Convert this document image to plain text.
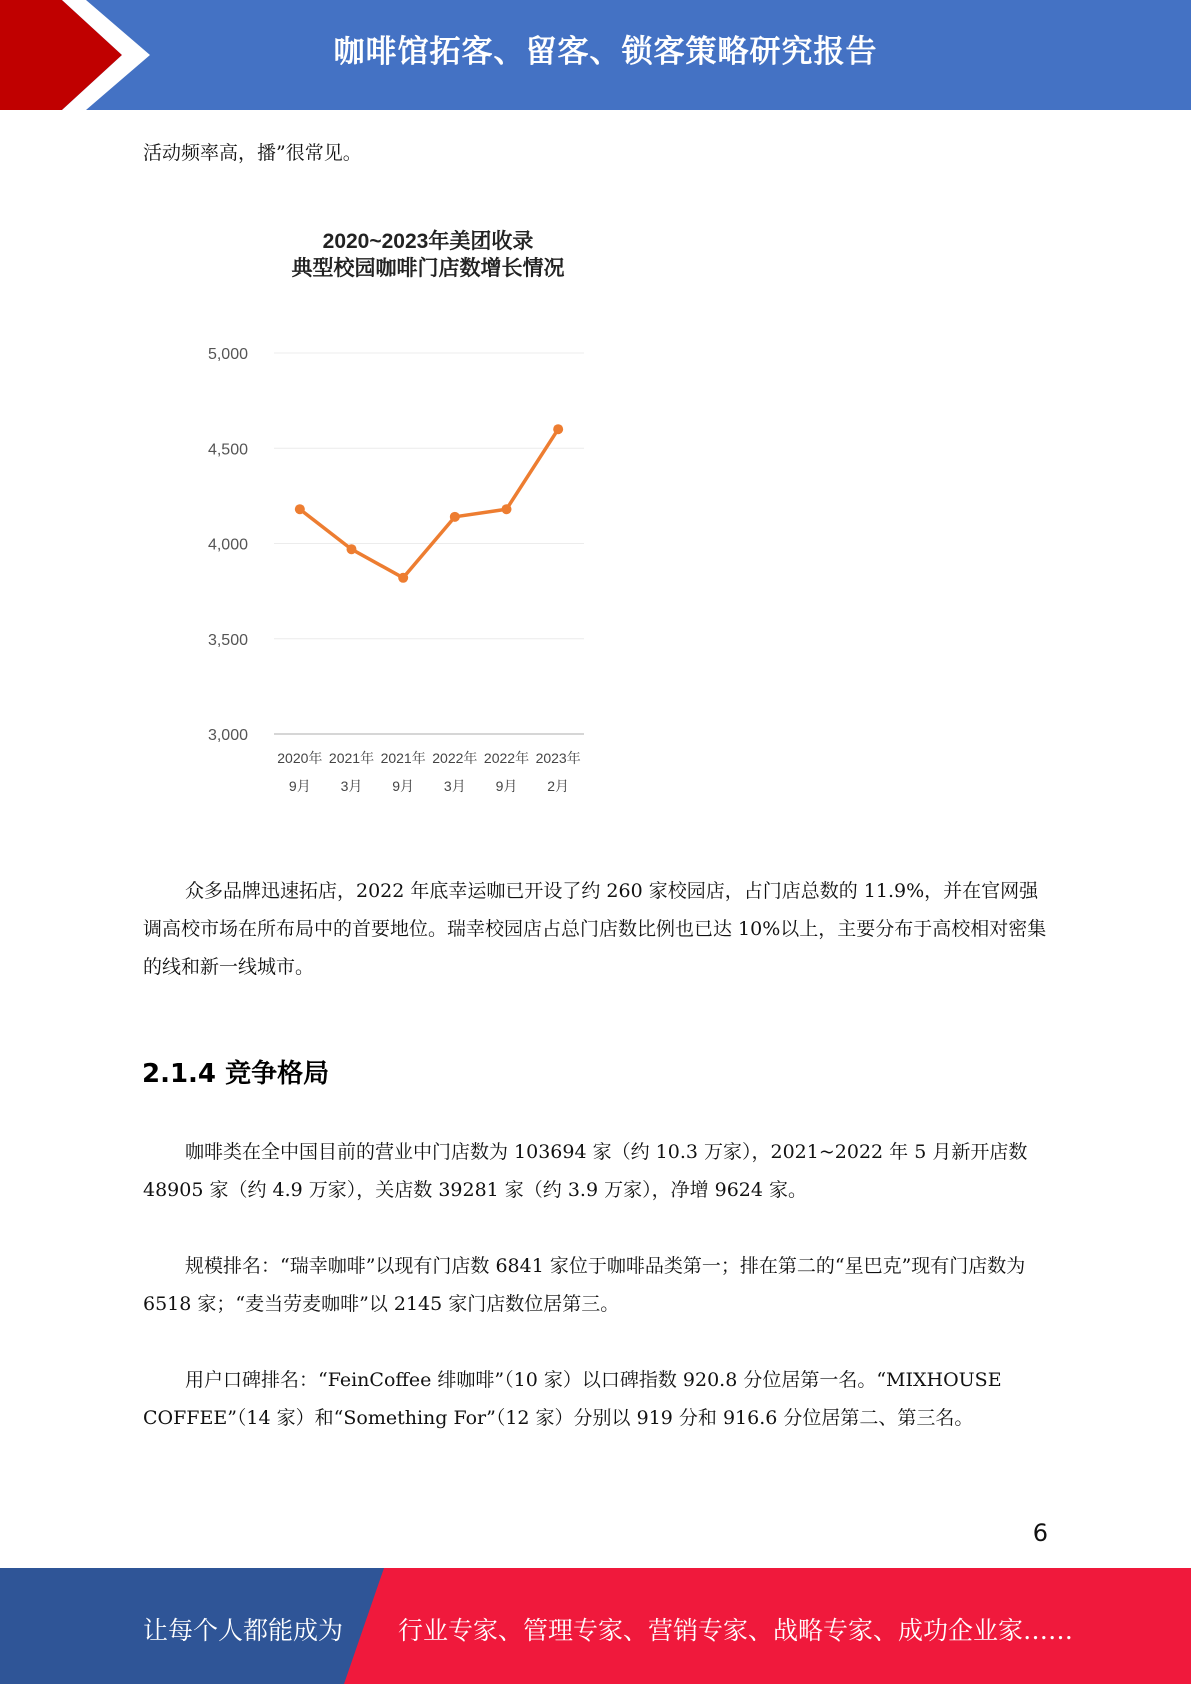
咖啡馆拓客、留客、锁客策略研究报告

活动频率高，播”很常见。

2020~2023年美团收录
典型校园咖啡门店数增长情况
3,000
3,500
4,000
4,500
5,000
2020年
9月
2021年
3月
2021年
9月
2022年
3月
2022年
9月
2023年
2月

众多品牌迅速拓店，2022 年底幸运咖已开设了约 260 家校园店，占门店总数的 11.9%，并在官网强调高校市场在所布局中的首要地位。瑞幸校园店占总门店数比例也已达 10%以上，主要分布于高校相对密集的线和新一线城市。

2.1.4 竞争格局

咖啡类在全中国目前的营业中门店数为 103694 家（约 10.3 万家），2021~2022 年 5 月新开店数 48905 家（约 4.9 万家），关店数 39281 家（约 3.9 万家），净增 9624 家。

规模排名：“瑞幸咖啡”以现有门店数 6841 家位于咖啡品类第一；排在第二的“星巴克”现有门店数为 6518 家；“麦当劳麦咖啡”以 2145 家门店数位居第三。

用户口碑排名：“FeinCoffee 绯咖啡”（10 家）以口碑指数 920.8 分位居第一名。“MIXHOUSE COFFEE”（14 家）和“Something For”（12 家）分别以 919 分和 916.6 分位居第二、第三名。

6
让每个人都能成为 行业专家、管理专家、营销专家、战略专家、成功企业家……
